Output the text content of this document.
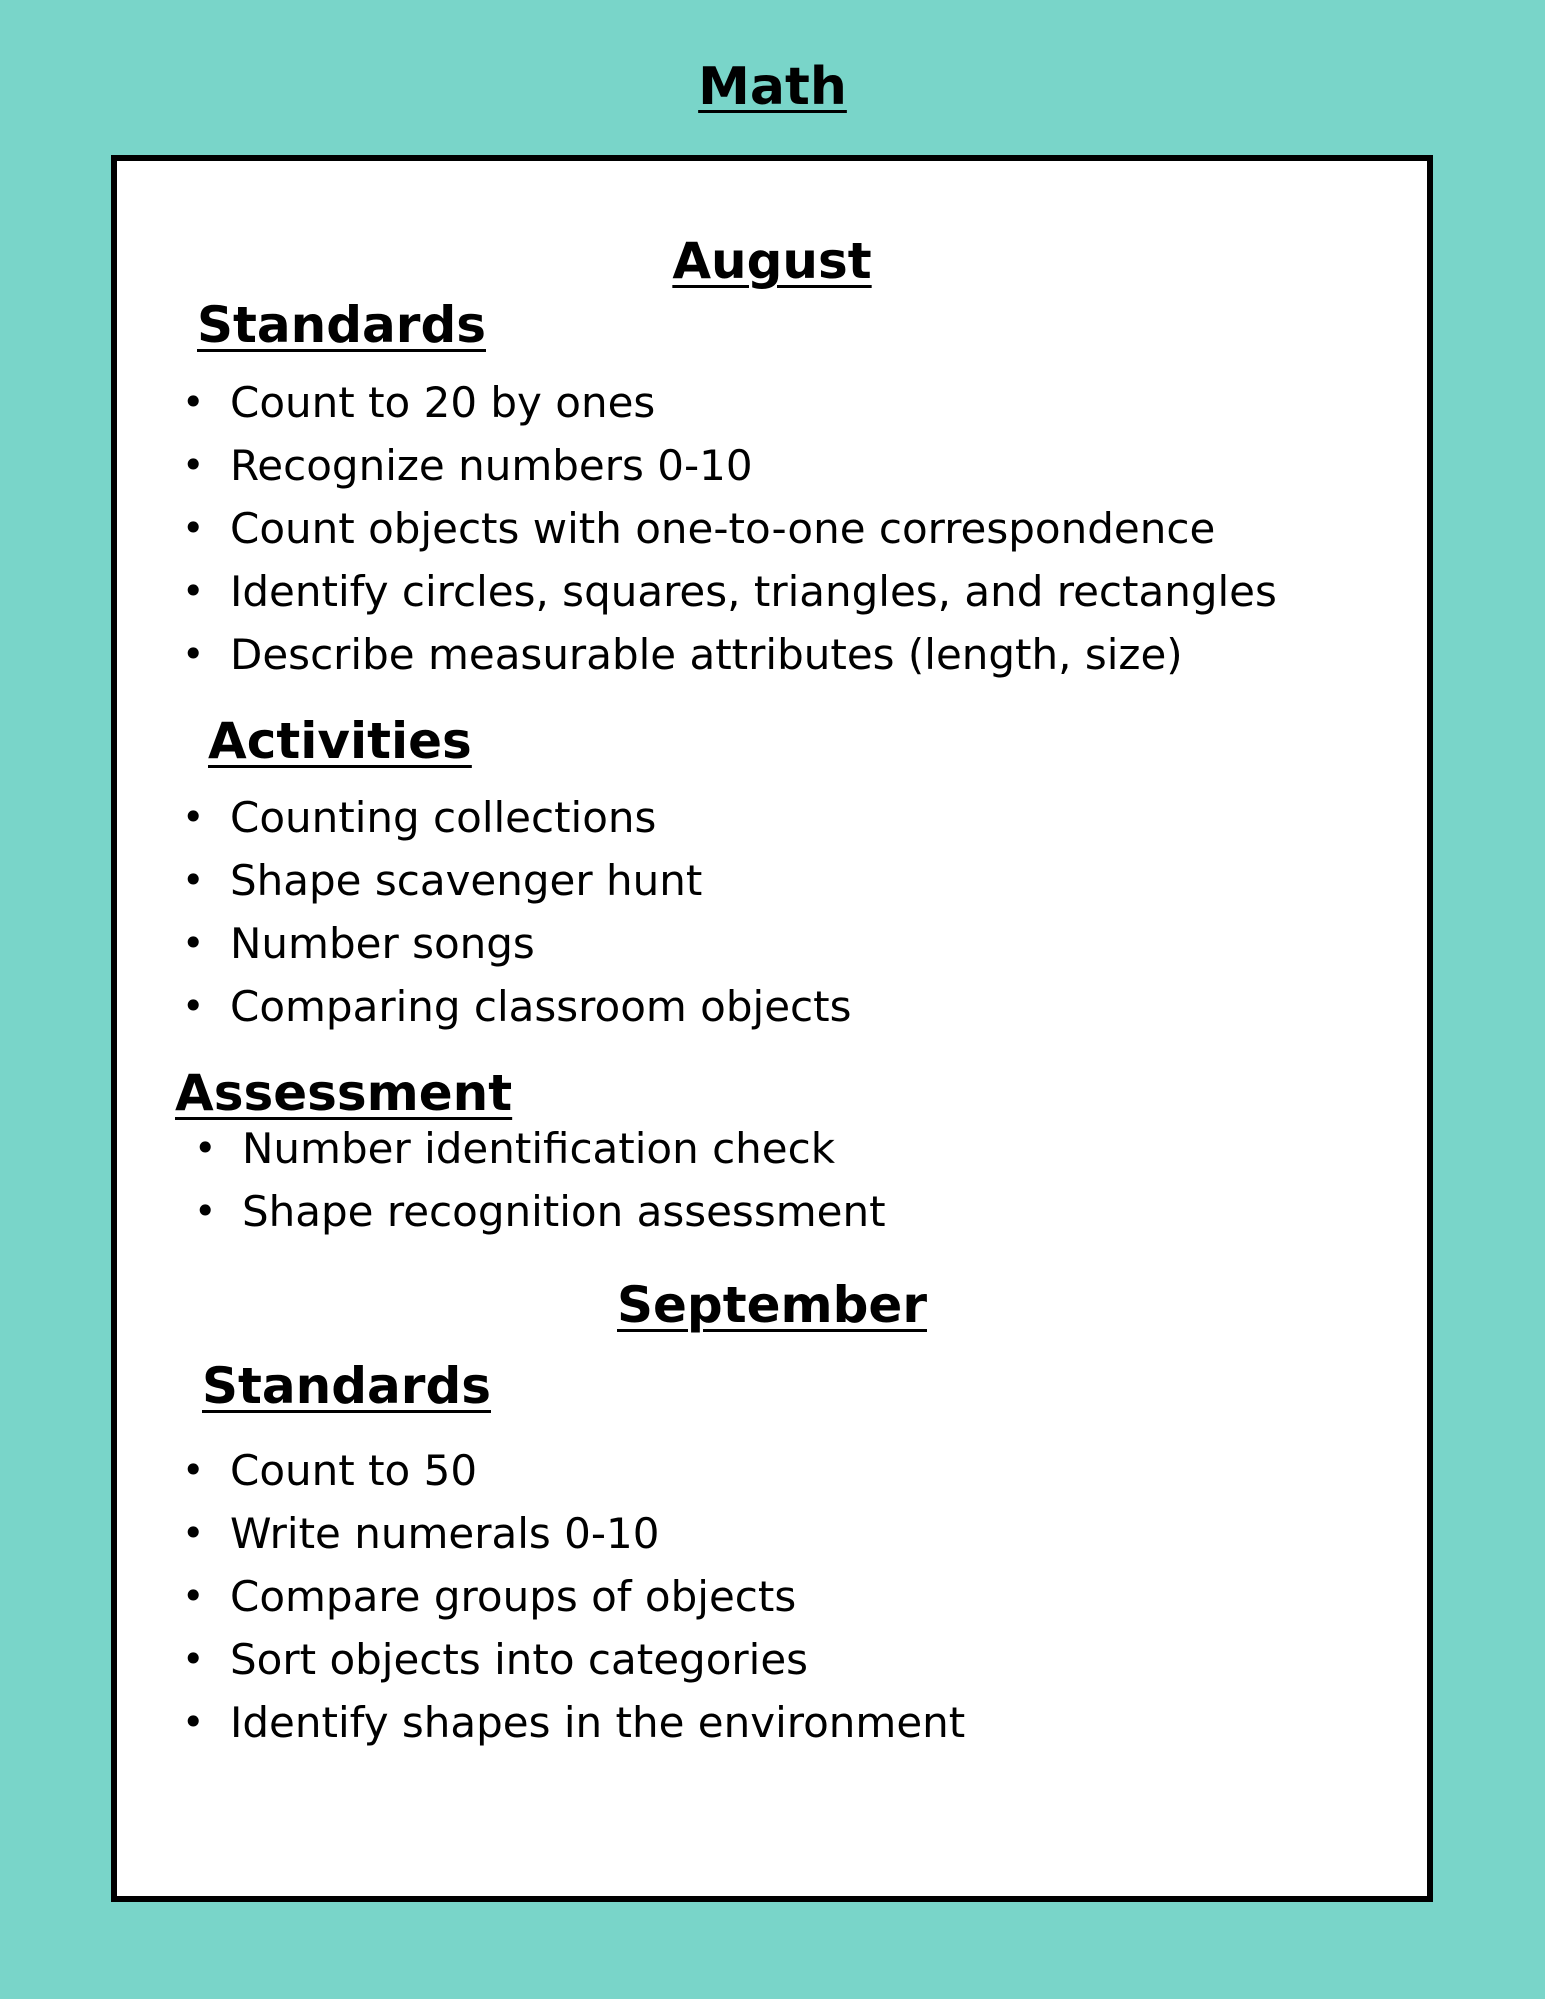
Math
August
Standards
• Count to 20 by ones
• Recognize numbers 0-10
• Count objects with one-to-one correspondence
• Identify circles, squares, triangles, and rectangles
• Describe measurable attributes (length, size)
Activities
• Counting collections
• Shape scavenger hunt
• Number songs
• Comparing classroom objects
Assessment
• Number identification check
• Shape recognition assessment
September
Standards
• Count to 50
• Write numerals 0-10
• Compare groups of objects
• Sort objects into categories
• Identify shapes in the environment
